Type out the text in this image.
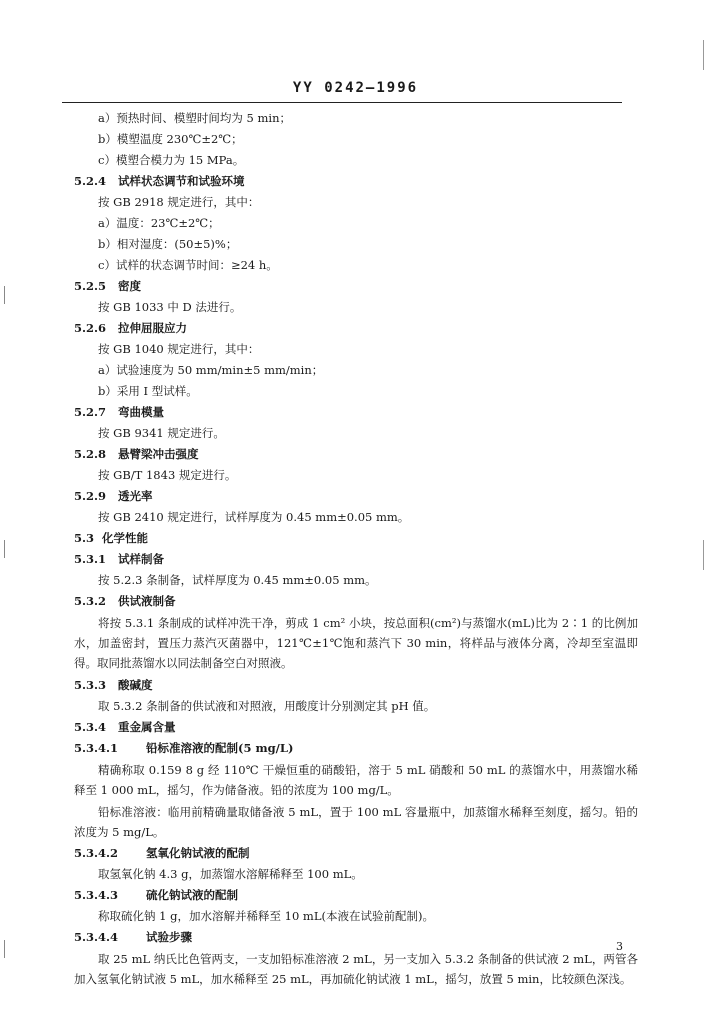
YY 0242—1996
a）预热时间、模塑时间均为 5 min；
b）模塑温度 230℃±2℃；
c）模塑合模力为 15 MPa。
5.2.4 试样状态调节和试验环境
按 GB 2918 规定进行，其中：
a）温度：23℃±2℃；
b）相对湿度：(50±5)%；
c）试样的状态调节时间：≥24 h。
5.2.5 密度
按 GB 1033 中 D 法进行。
5.2.6 拉伸屈服应力
按 GB 1040 规定进行，其中：
a）试验速度为 50 mm/min±5 mm/min；
b）采用 I 型试样。
5.2.7 弯曲模量
按 GB 9341 规定进行。
5.2.8 悬臂梁冲击强度
按 GB/T 1843 规定进行。
5.2.9 透光率
按 GB 2410 规定进行，试样厚度为 0.45 mm±0.05 mm。
5.3 化学性能
5.3.1 试样制备
按 5.2.3 条制备，试样厚度为 0.45 mm±0.05 mm。
5.3.2 供试液制备
将按 5.3.1 条制成的试样冲洗干净，剪成 1 cm² 小块，按总面积(cm²)与蒸馏水(mL)比为 2∶1 的比例加水，加盖密封，置压力蒸汽灭菌器中，121℃±1℃饱和蒸汽下 30 min，将样品与液体分离，冷却至室温即得。取同批蒸馏水以同法制备空白对照液。
5.3.3 酸碱度
取 5.3.2 条制备的供试液和对照液，用酸度计分别测定其 pH 值。
5.3.4 重金属含量
5.3.4.1 铅标准溶液的配制(5 mg/L)
精确称取 0.159 8 g 经 110℃ 干燥恒重的硝酸铅，溶于 5 mL 硝酸和 50 mL 的蒸馏水中，用蒸馏水稀释至 1 000 mL，摇匀，作为储备液。铅的浓度为 100 mg/L。
铅标准溶液：临用前精确量取储备液 5 mL，置于 100 mL 容量瓶中，加蒸馏水稀释至刻度，摇匀。铅的浓度为 5 mg/L。
5.3.4.2 氢氧化钠试液的配制
取氢氧化钠 4.3 g，加蒸馏水溶解稀释至 100 mL。
5.3.4.3 硫化钠试液的配制
称取硫化钠 1 g，加水溶解并稀释至 10 mL(本液在试验前配制)。
5.3.4.4 试验步骤
取 25 mL 纳氏比色管两支，一支加铅标准溶液 2 mL，另一支加入 5.3.2 条制备的供试液 2 mL，两管各加入氢氧化钠试液 5 mL，加水稀释至 25 mL，再加硫化钠试液 1 mL，摇匀，放置 5 min，比较颜色深浅。
3
